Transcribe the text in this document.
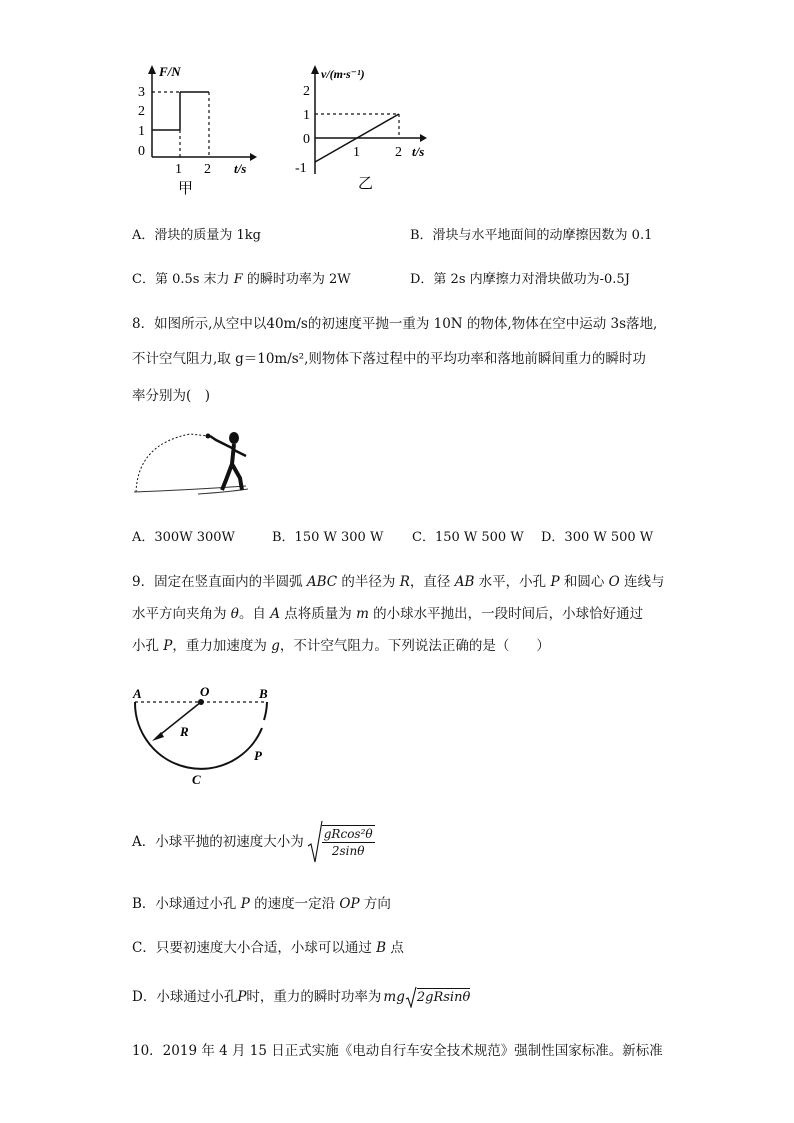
F/N
t/s
3
2
1
0
1 2
甲
v/(m·s⁻¹)
t/s
2
1
0
-1
1	2
乙
A．滑块的质量为 1kg	B．滑块与水平地面间的动摩擦因数为 0.1
C．第 0.5s 末力 F 的瞬时功率为 2W	D．第 2s 内摩擦力对滑块做功为-0.5J
8．如图所示,从空中以40m/s的初速度平抛一重为 10N 的物体,物体在空中运动 3s落地,
不计空气阻力,取 g＝10m/s²,则物体下落过程中的平均功率和落地前瞬间重力的瞬时功
率分别为(　)
A．300W 300W	B．150 W 300 W C．150 W 500 W D．300 W 500 W
9．固定在竖直面内的半圆弧 ABC 的半径为 R，直径 AB 水平，小孔 P 和圆心 O 连线与
水平方向夹角为 θ。自 A 点将质量为 m 的小球水平抛出，一段时间后，小球恰好通过
小孔 P，重力加速度为 g，不计空气阻力。下列说法正确的是（　　）
A	O	B
R
P
C
A．小球平抛的初速度大小为 $\frac{\text{gRcos²θ}}{2\sin\theta}$
B．小球通过小孔 P 的速度一定沿 OP 方向
C．只要初速度大小合适，小球可以通过 B 点
D．小球通过小孔 P 时，重力的瞬时功率为 mg 2gRsinθ
10．2019 年 4 月 15 日正式实施《电动自行车安全技术规范》强制性国家标准。新标准
